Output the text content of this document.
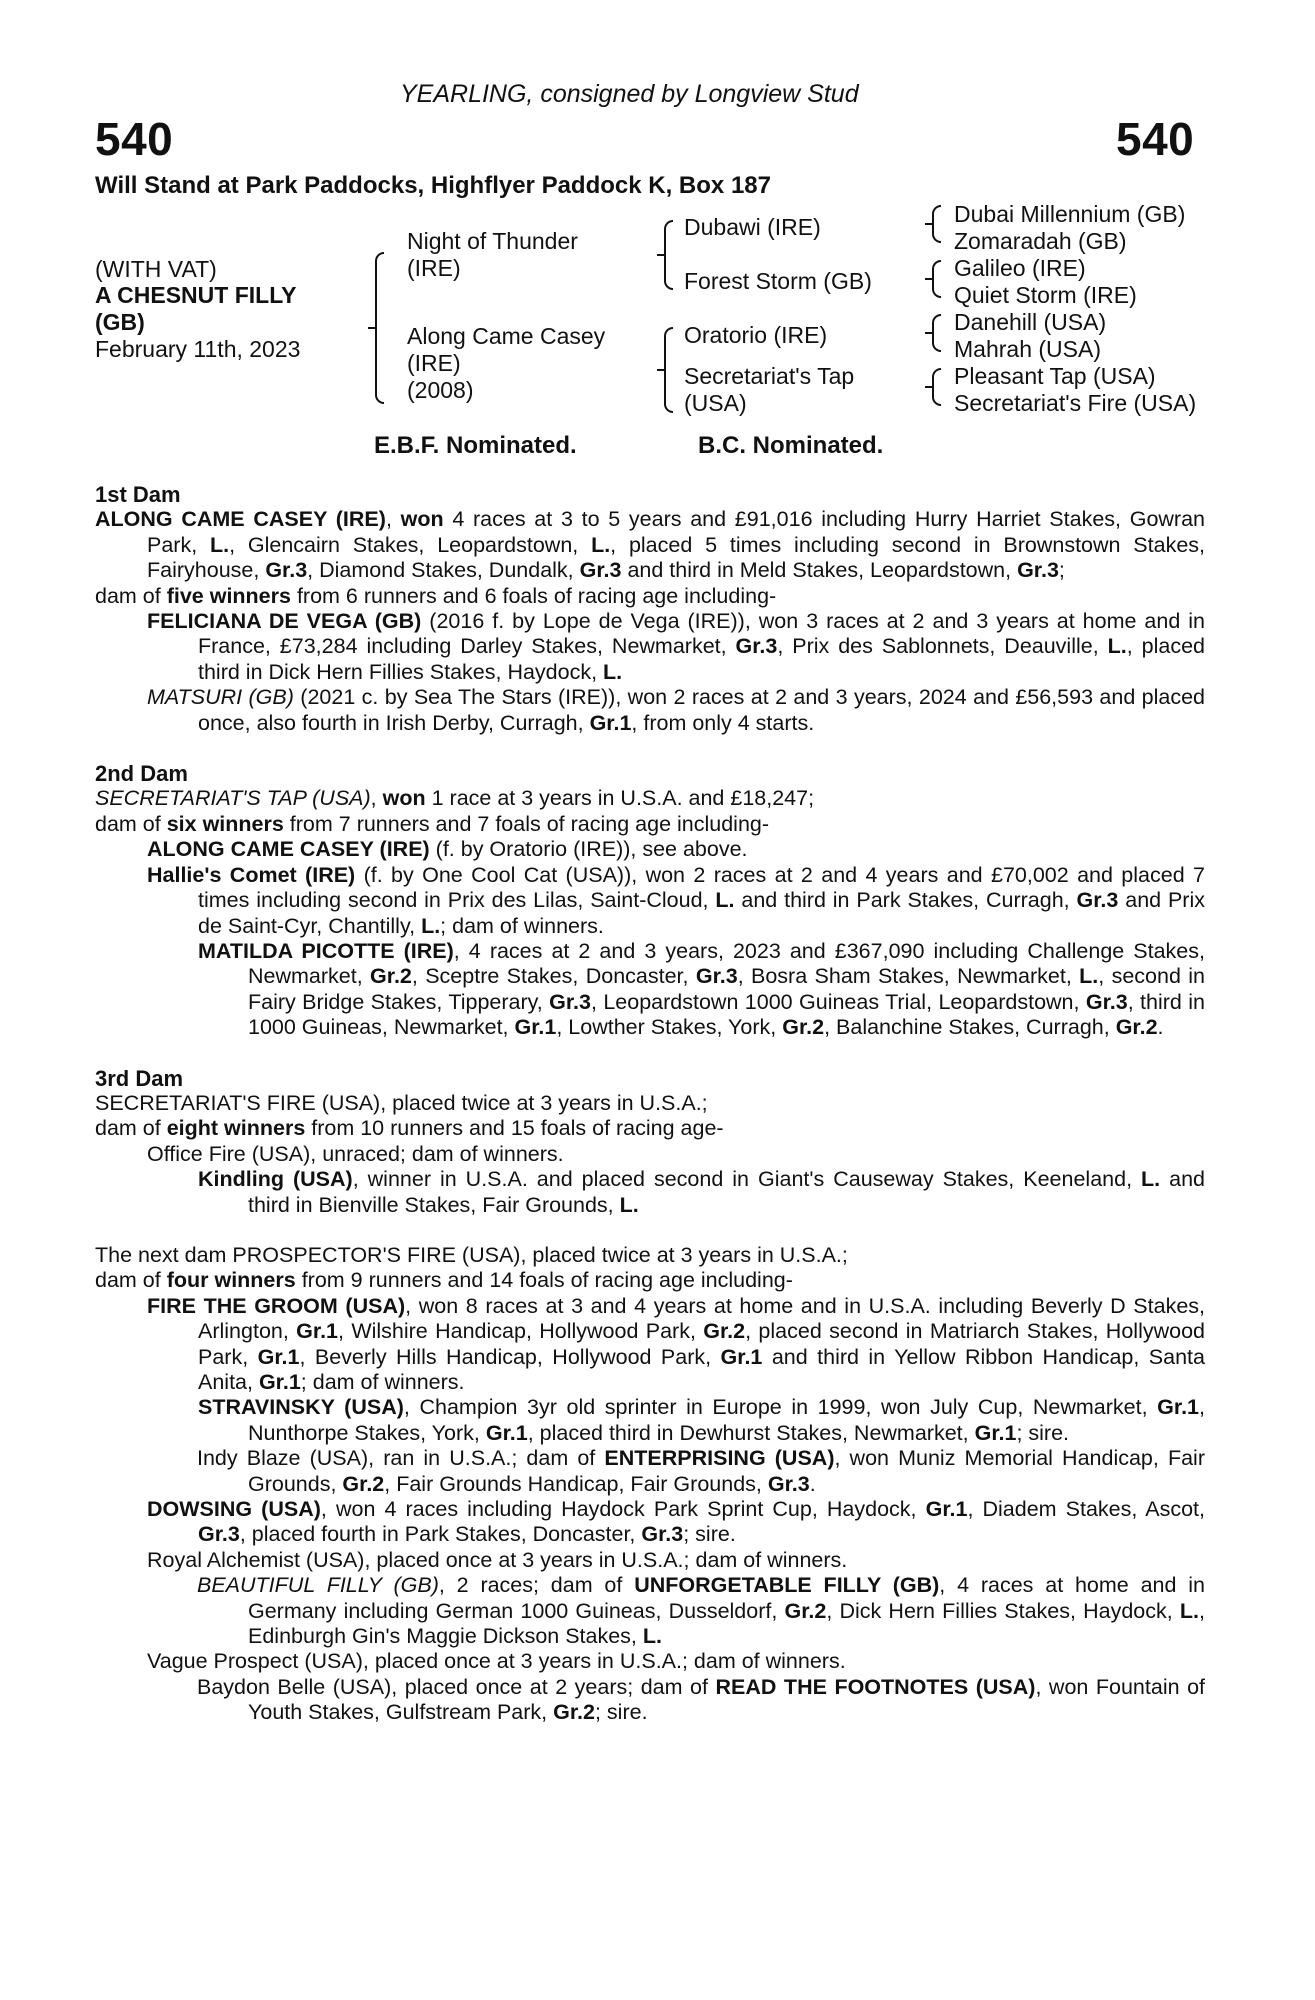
YEARLING, consigned by Longview Stud
540	540
Will Stand at Park Paddocks, Highflyer Paddock K, Box 187
(WITH VAT)
A CHESNUT FILLY
(GB)
February 11th, 2023
Night of Thunder
(IRE)
Along Came Casey
(IRE)
(2008)
Dubawi (IRE)
Forest Storm (GB)
Oratorio (IRE)
Secretariat's Tap
(USA)
Dubai Millennium (GB)
Zomaradah (GB)
Galileo (IRE)
Quiet Storm (IRE)
Danehill (USA)
Mahrah (USA)
Pleasant Tap (USA)
Secretariat's Fire (USA)
E.B.F. Nominated.	B.C. Nominated.

1st Dam

ALONG CAME CASEY (IRE), won 4 races at 3 to 5 years and £91,016 including Hurry Harriet Stakes, Gowran Park, L., Glencairn Stakes, Leopardstown, L., placed 5 times including second in Brownstown Stakes, Fairyhouse, Gr.3, Diamond Stakes, Dundalk, Gr.3 and third in Meld Stakes, Leopardstown, Gr.3;

dam of five winners from 6 runners and 6 foals of racing age including-

FELICIANA DE VEGA (GB) (2016 f. by Lope de Vega (IRE)), won 3 races at 2 and 3 years at home and in France, £73,284 including Darley Stakes, Newmarket, Gr.3, Prix des Sablonnets, Deauville, L., placed third in Dick Hern Fillies Stakes, Haydock, L.

MATSURI (GB) (2021 c. by Sea The Stars (IRE)), won 2 races at 2 and 3 years, 2024 and £56,593 and placed once, also fourth in Irish Derby, Curragh, Gr.1, from only 4 starts.

2nd Dam

SECRETARIAT'S TAP (USA), won 1 race at 3 years in U.S.A. and £18,247;

dam of six winners from 7 runners and 7 foals of racing age including-

ALONG CAME CASEY (IRE) (f. by Oratorio (IRE)), see above.

Hallie's Comet (IRE) (f. by One Cool Cat (USA)), won 2 races at 2 and 4 years and £70,002 and placed 7 times including second in Prix des Lilas, Saint-Cloud, L. and third in Park Stakes, Curragh, Gr.3 and Prix de Saint-Cyr, Chantilly, L.; dam of winners.

MATILDA PICOTTE (IRE), 4 races at 2 and 3 years, 2023 and £367,090 including Challenge Stakes, Newmarket, Gr.2, Sceptre Stakes, Doncaster, Gr.3, Bosra Sham Stakes, Newmarket, L., second in Fairy Bridge Stakes, Tipperary, Gr.3, Leopardstown 1000 Guineas Trial, Leopardstown, Gr.3, third in 1000 Guineas, Newmarket, Gr.1, Lowther Stakes, York, Gr.2, Balanchine Stakes, Curragh, Gr.2.

3rd Dam

SECRETARIAT'S FIRE (USA), placed twice at 3 years in U.S.A.;

dam of eight winners from 10 runners and 15 foals of racing age-

Office Fire (USA), unraced; dam of winners.

Kindling (USA), winner in U.S.A. and placed second in Giant's Causeway Stakes, Keeneland, L. and third in Bienville Stakes, Fair Grounds, L.

The next dam PROSPECTOR'S FIRE (USA), placed twice at 3 years in U.S.A.;

dam of four winners from 9 runners and 14 foals of racing age including-

FIRE THE GROOM (USA), won 8 races at 3 and 4 years at home and in U.S.A. including Beverly D Stakes, Arlington, Gr.1, Wilshire Handicap, Hollywood Park, Gr.2, placed second in Matriarch Stakes, Hollywood Park, Gr.1, Beverly Hills Handicap, Hollywood Park, Gr.1 and third in Yellow Ribbon Handicap, Santa Anita, Gr.1; dam of winners.

STRAVINSKY (USA), Champion 3yr old sprinter in Europe in 1999, won July Cup, Newmarket, Gr.1, Nunthorpe Stakes, York, Gr.1, placed third in Dewhurst Stakes, Newmarket, Gr.1; sire.

Indy Blaze (USA), ran in U.S.A.; dam of ENTERPRISING (USA), won Muniz Memorial Handicap, Fair Grounds, Gr.2, Fair Grounds Handicap, Fair Grounds, Gr.3.

DOWSING (USA), won 4 races including Haydock Park Sprint Cup, Haydock, Gr.1, Diadem Stakes, Ascot, Gr.3, placed fourth in Park Stakes, Doncaster, Gr.3; sire.

Royal Alchemist (USA), placed once at 3 years in U.S.A.; dam of winners.

BEAUTIFUL FILLY (GB), 2 races; dam of UNFORGETABLE FILLY (GB), 4 races at home and in Germany including German 1000 Guineas, Dusseldorf, Gr.2, Dick Hern Fillies Stakes, Haydock, L., Edinburgh Gin's Maggie Dickson Stakes, L.

Vague Prospect (USA), placed once at 3 years in U.S.A.; dam of winners.

Baydon Belle (USA), placed once at 2 years; dam of READ THE FOOTNOTES (USA), won Fountain of Youth Stakes, Gulfstream Park, Gr.2; sire.
